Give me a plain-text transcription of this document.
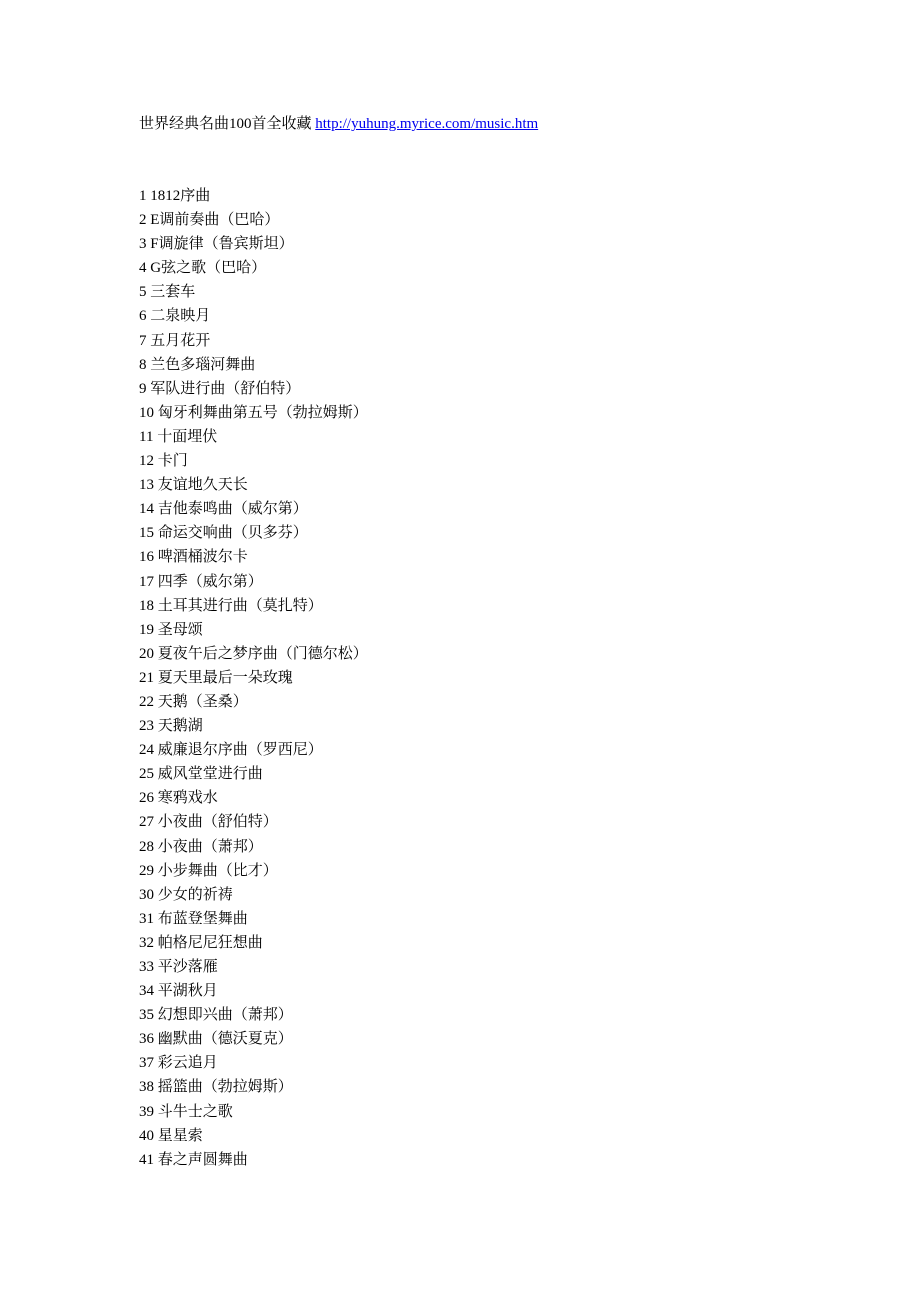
世界经典名曲100首全收藏 http://yuhung.myrice.com/music.htm
1 1812序曲
2 E调前奏曲（巴哈）
3 F调旋律（鲁宾斯坦）
4 G弦之歌（巴哈）
5 三套车
6 二泉映月
7 五月花开
8 兰色多瑙河舞曲
9 军队进行曲（舒伯特）
10 匈牙利舞曲第五号（勃拉姆斯）
11 十面埋伏
12 卡门
13 友谊地久天长
14 吉他泰鸣曲（威尔第）
15 命运交响曲（贝多芬）
16 啤酒桶波尔卡
17 四季（威尔第）
18 土耳其进行曲（莫扎特）
19 圣母颂
20 夏夜午后之梦序曲（门德尔松）
21 夏天里最后一朵玫瑰
22 天鹅（圣桑）
23 天鹅湖
24 威廉退尔序曲（罗西尼）
25 威风堂堂进行曲
26 寒鸦戏水
27 小夜曲（舒伯特）
28 小夜曲（萧邦）
29 小步舞曲（比才）
30 少女的祈祷
31 布蓝登堡舞曲
32 帕格尼尼狂想曲
33 平沙落雁
34 平湖秋月
35 幻想即兴曲（萧邦）
36 幽默曲（德沃夏克）
37 彩云追月
38 摇篮曲（勃拉姆斯）
39 斗牛士之歌
40 星星索
41 春之声圆舞曲
